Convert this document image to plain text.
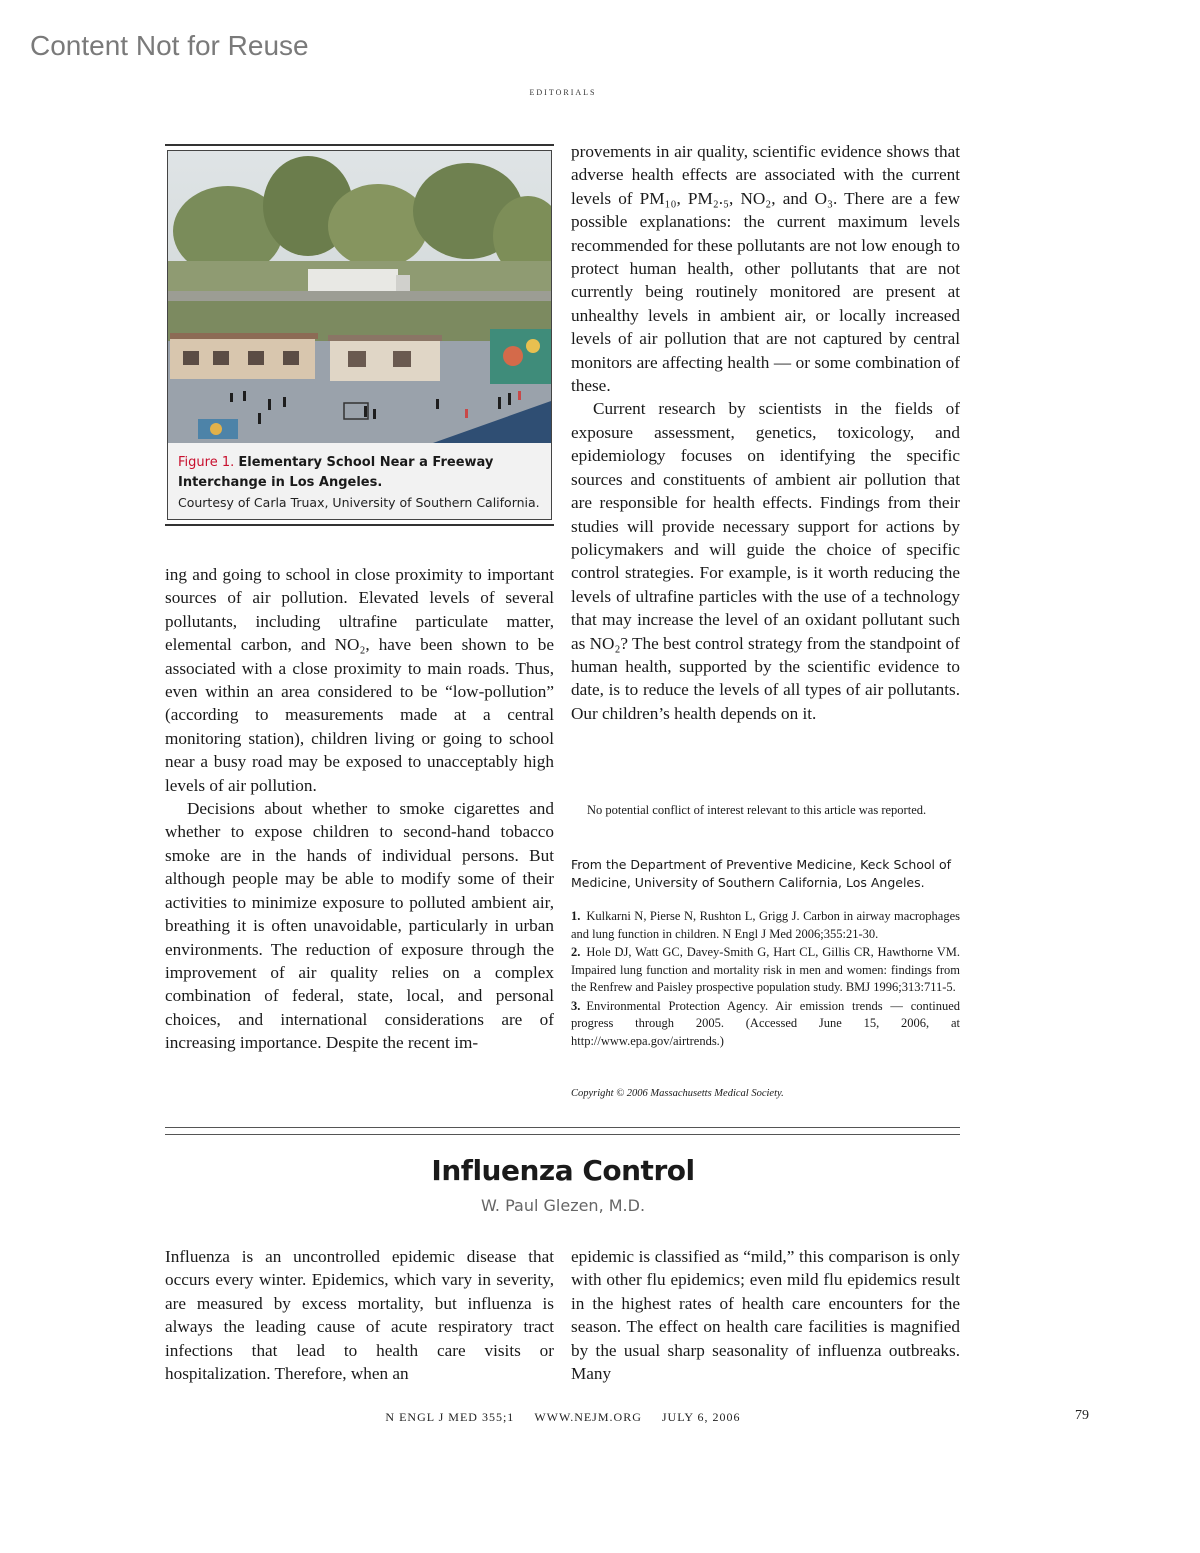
Content Not for Reuse
editorials
Figure 1. Elementary School Near a Freeway Interchange in Los Angeles.
Courtesy of Carla Truax, University of Southern California.

provements in air quality, scientific evidence shows that adverse health effects are associated with the current levels of PM₁₀, PM₂.₅, NO₂, and O₃. There are a few possible explanations: the current maximum levels recommended for these pollutants are not low enough to protect human health, other pollutants that are not currently being routinely monitored are present at unhealthy levels in ambient air, or locally increased levels of air pollution that are not captured by central monitors are affecting health — or some combination of these.

Current research by scientists in the fields of exposure assessment, genetics, toxicology, and epidemiology focuses on identifying the specific sources and constituents of ambient air pollution that are responsible for health effects. Findings from their studies will provide necessary support for actions by policymakers and will guide the choice of specific control strategies. For example, is it worth reducing the levels of ultrafine particles with the use of a technology that may increase the level of an oxidant pollutant such as NO₂? The best control strategy from the standpoint of human health, supported by the scientific evidence to date, is to reduce the levels of all types of air pollutants. Our children’s health depends on it.

ing and going to school in close proximity to important sources of air pollution. Elevated levels of several pollutants, including ultrafine particulate matter, elemental carbon, and NO₂, have been shown to be associated with a close proximity to main roads. Thus, even within an area considered to be “low-pollution” (according to measurements made at a central monitoring station), children living or going to school near a busy road may be exposed to unacceptably high levels of air pollution.

Decisions about whether to smoke cigarettes and whether to expose children to second-hand tobacco smoke are in the hands of individual persons. But although people may be able to modify some of their activities to minimize exposure to polluted ambient air, breathing it is often unavoidable, particularly in urban environments. The reduction of exposure through the improvement of air quality relies on a complex combination of federal, state, local, and personal choices, and international considerations are of increasing importance. Despite the recent im-

No potential conflict of interest relevant to this article was reported.
From the Department of Preventive Medicine, Keck School of Medicine, University of Southern California, Los Angeles.
1. Kulkarni N, Pierse N, Rushton L, Grigg J. Carbon in airway macrophages and lung function in children. N Engl J Med 2006;355:21-30.
2. Hole DJ, Watt GC, Davey-Smith G, Hart CL, Gillis CR, Hawthorne VM. Impaired lung function and mortality risk in men and women: findings from the Renfrew and Paisley prospective population study. BMJ 1996;313:711-5.
3. Environmental Protection Agency. Air emission trends — continued progress through 2005. (Accessed June 15, 2006, at http://www.epa.gov/airtrends.)
Copyright © 2006 Massachusetts Medical Society.
Influenza Control
W. Paul Glezen, M.D.

Influenza is an uncontrolled epidemic disease that occurs every winter. Epidemics, which vary in severity, are measured by excess mortality, but influenza is always the leading cause of acute respiratory tract infections that lead to health care visits or hospitalization. Therefore, when an

epidemic is classified as “mild,” this comparison is only with other flu epidemics; even mild flu epidemics result in the highest rates of health care encounters for the season. The effect on health care facilities is magnified by the usual sharp seasonality of influenza outbreaks. Many

N ENGL J MED 355;1 WWW.NEJM.ORG JULY 6, 2006	79
